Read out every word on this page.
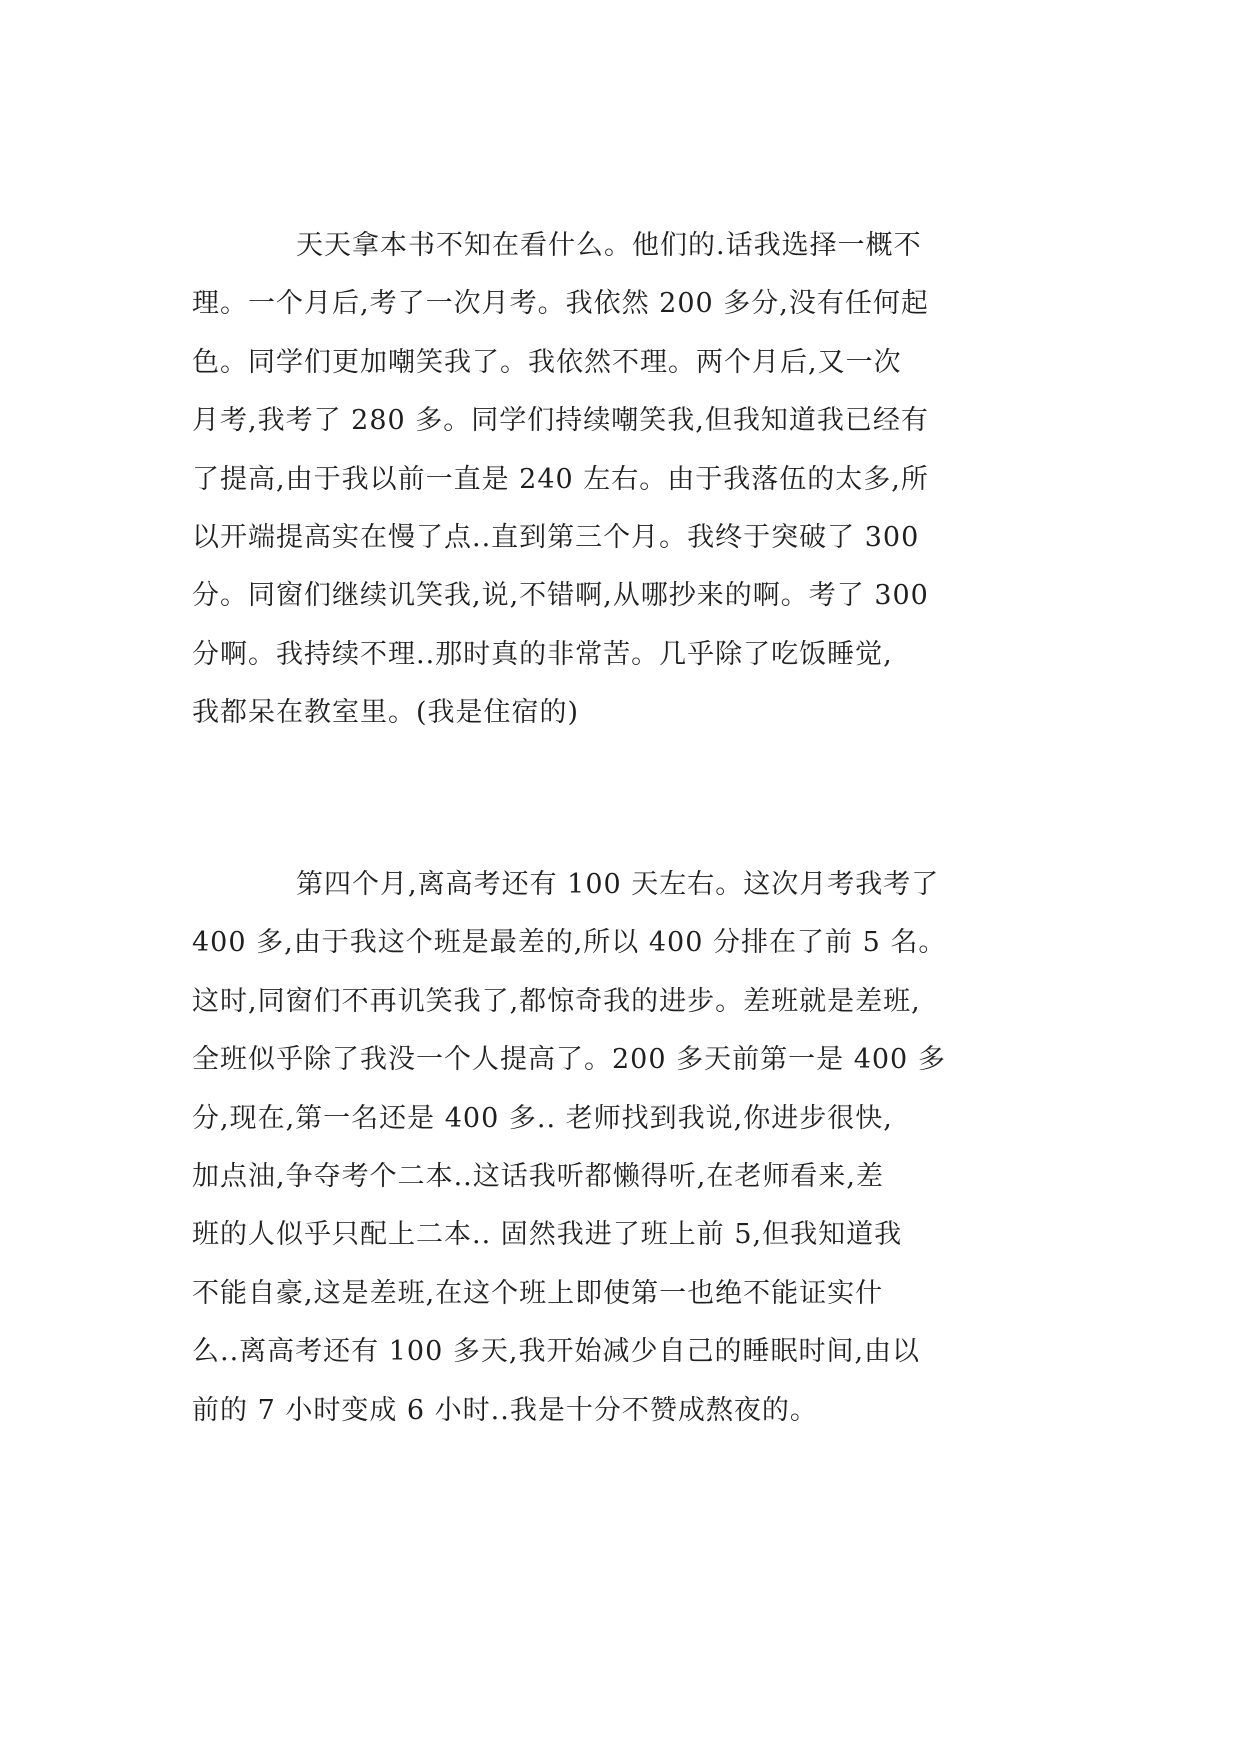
天天拿本书不知在看什么。他们的.话我选择一概不
理。一个月后,考了一次月考。我依然 200 多分,没有任何起
色。同学们更加嘲笑我了。我依然不理。两个月后,又一次
月考,我考了 280 多。同学们持续嘲笑我,但我知道我已经有
了提高,由于我以前一直是 240 左右。由于我落伍的太多,所
以开端提高实在慢了点..直到第三个月。我终于突破了 300
分。同窗们继续讥笑我,说,不错啊,从哪抄来的啊。考了 300
分啊。我持续不理..那时真的非常苦。几乎除了吃饭睡觉,
我都呆在教室里。(我是住宿的)
第四个月,离高考还有 100 天左右。这次月考我考了
400 多,由于我这个班是最差的,所以 400 分排在了前 5 名。
这时,同窗们不再讥笑我了,都惊奇我的进步。差班就是差班,
全班似乎除了我没一个人提高了。200 多天前第一是 400 多
分,现在,第一名还是 400 多.. 老师找到我说,你进步很快,
加点油,争夺考个二本..这话我听都懒得听,在老师看来,差
班的人似乎只配上二本.. 固然我进了班上前 5,但我知道我
不能自豪,这是差班,在这个班上即使第一也绝不能证实什
么..离高考还有 100 多天,我开始减少自己的睡眠时间,由以
前的 7 小时变成 6 小时..我是十分不赞成熬夜的。
